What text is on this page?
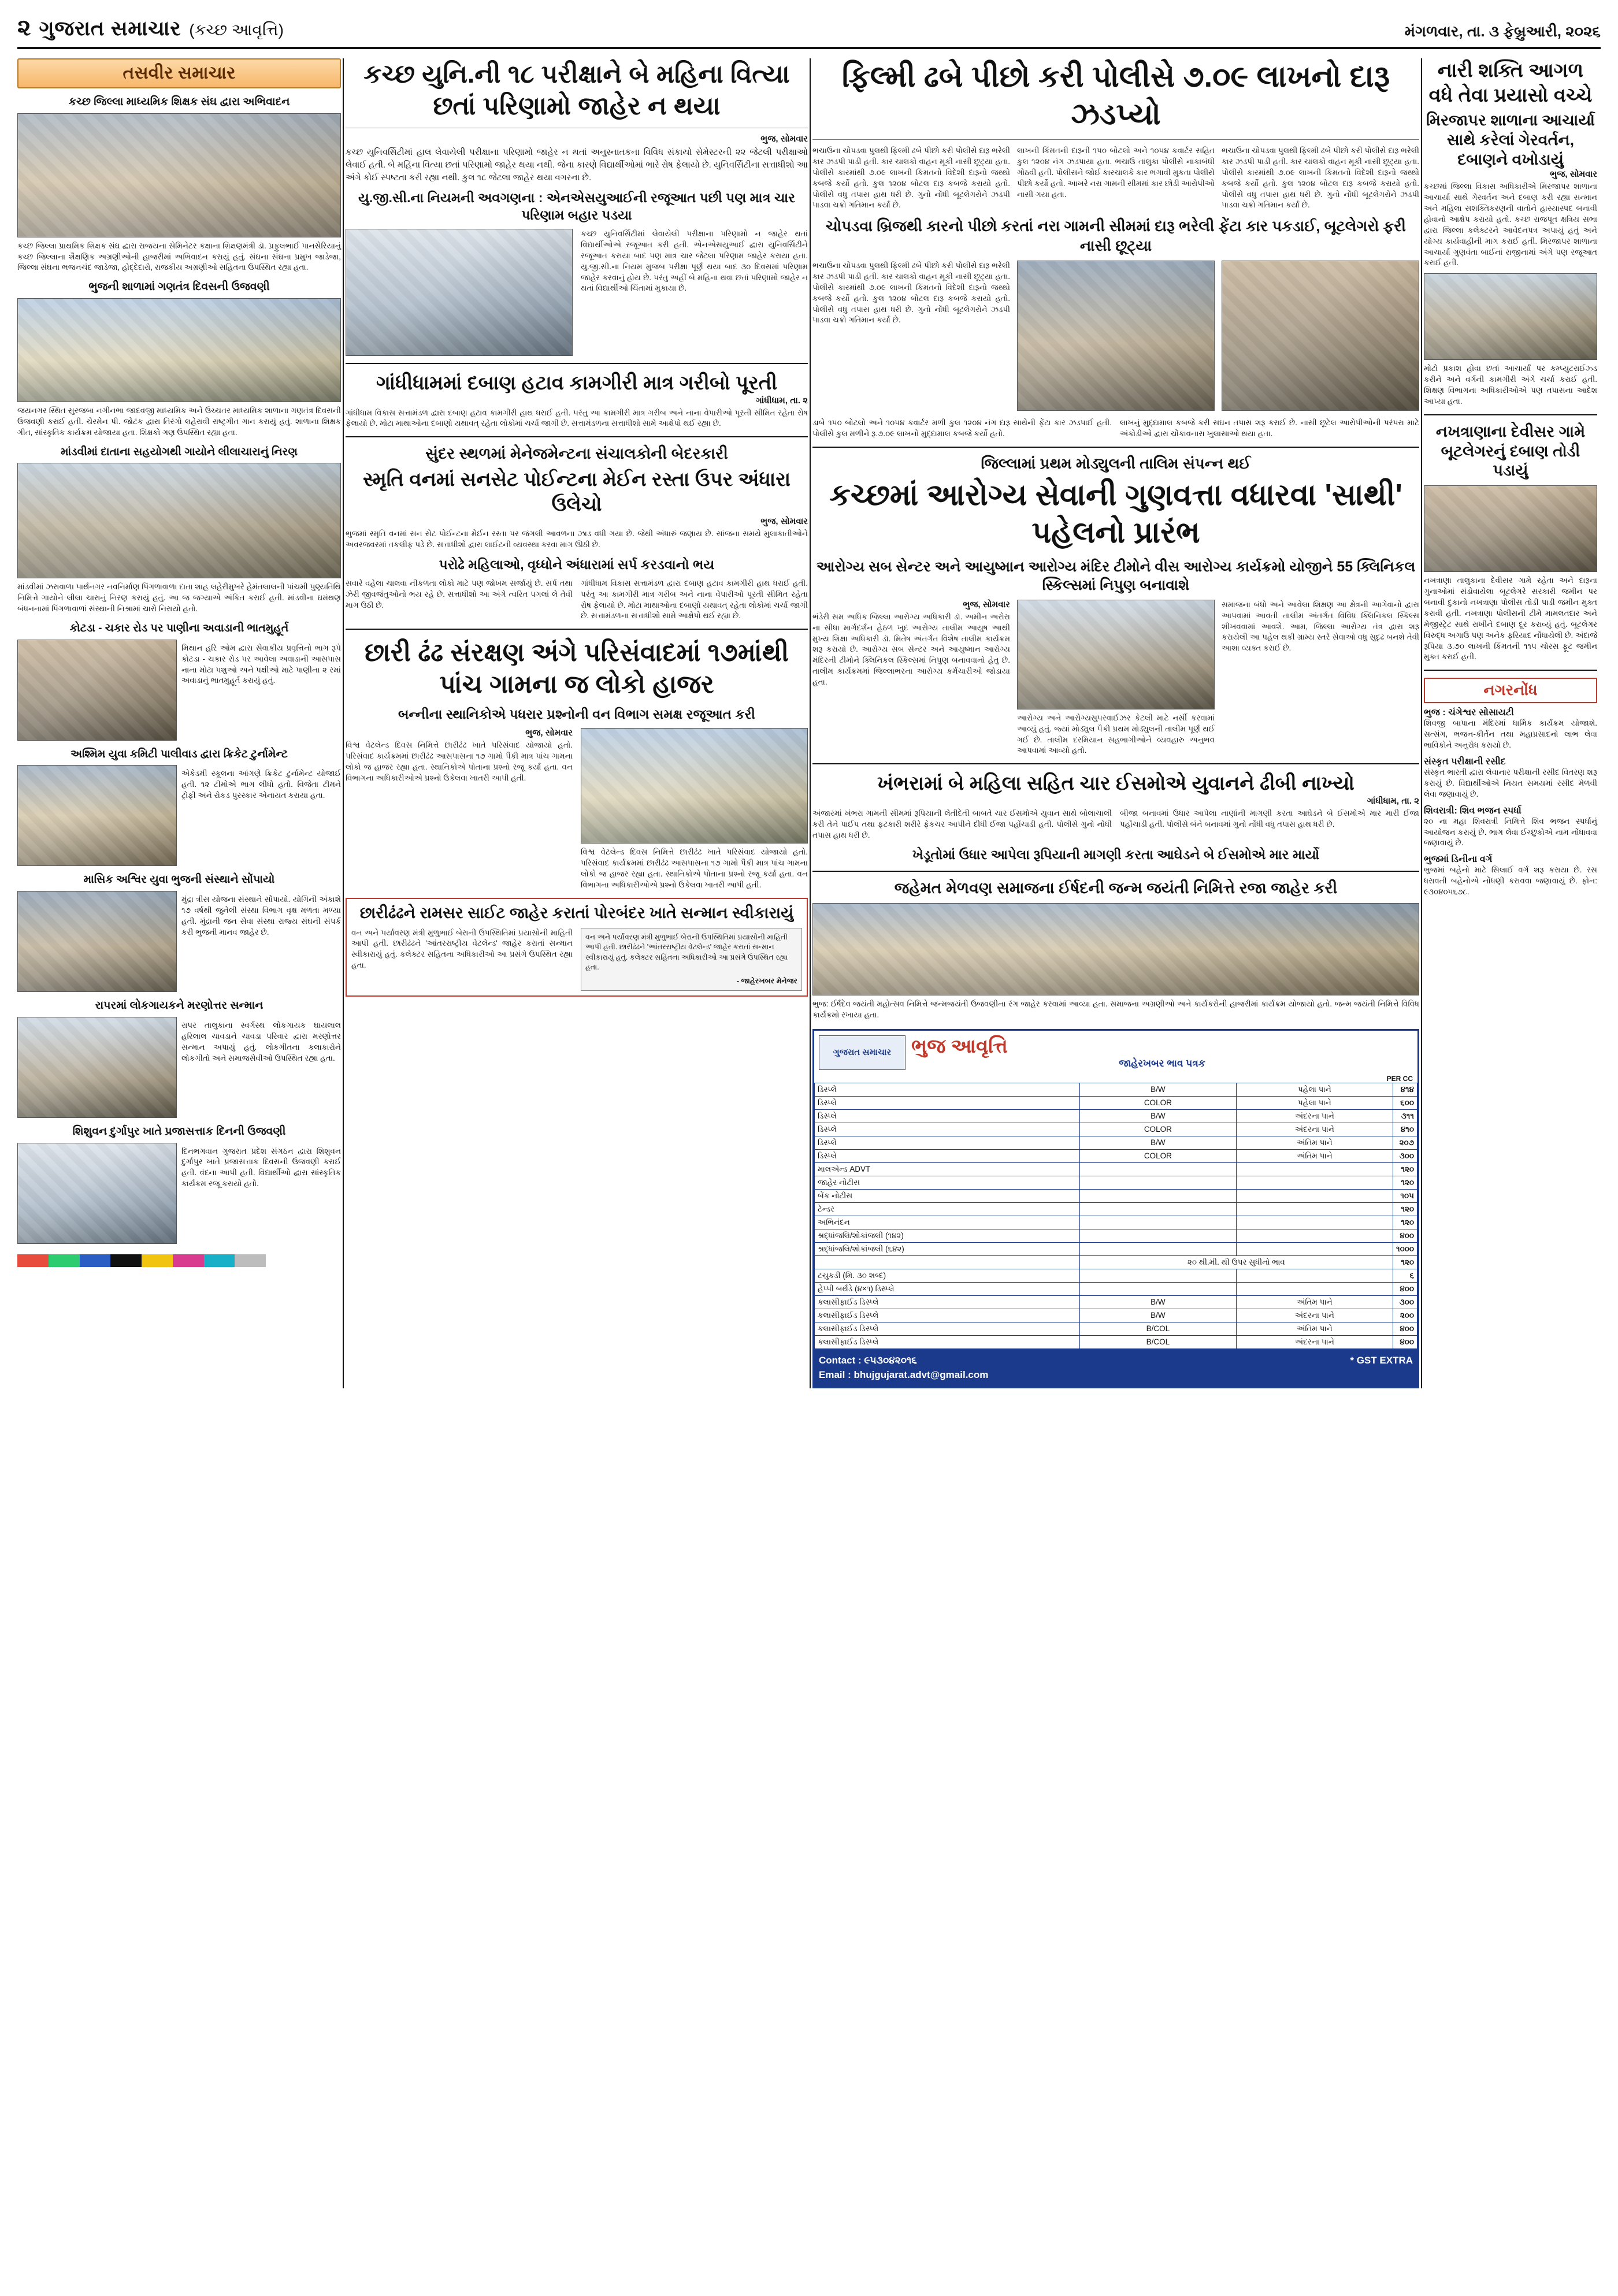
૨ ગુજરાત સમાચાર (કચ્છ આવૃત્તિ)	મંગળવાર, તા. ૩ ફેબ્રુઆરી, ૨૦૨૬
તસવીર સમાચાર
કચ્છ જિલ્લા માધ્યમિક શિક્ષક સંઘ દ્વારા અભિવાદન
કચ્છ જિલ્લા પ્રાથમિક શિક્ષક સંઘ દ્વારા રાજયના સેમિનેટર કક્ષાના શિક્ષણમંત્રી ડૉ. પ્રફુલભાઈ પાનસેરિયાનું કચ્છ જિલ્લાના શૈક્ષણિક અગ્રણીઓની હાજરીમાં અભિવાદન કરાયું હતું. સંઘના સંઘના પ્રમુખ જાડેજા, જિલ્લા સંઘના ભજનચંદ જાડેજા, હોદ્દેદારો, રાજકીય અગ્રણીઓ સહિતના ઉપસ્થિત રહ્યા હતા.
ભુજની શાળામાં ગણતંત્ર દિવસની ઉજવણી
જયનગર સ્થિત સુરજબા નગીનભા જાદવજી માધ્યમિક અને ઉચ્ચતર માધ્યમિક શાળાના ગણતંત્ર દિવસની ઉજવણી કરાઈ હતી. ચેરમેન પી. જોટંક દ્વારા તિરંગો લહેરાવી રાષ્ટ્રગીત ગાન કરાયું હતું. શાળાના શિક્ષક ગીત, સાંસ્કૃતિક કાર્યક્રમ યોજાયા હતા. શિક્ષકો ગણ ઉપસ્થિત રહ્યા હતા.
માંડવીમાં દાતાના સહયોગથી ગાયોને લીલાચારાનું નિરણ
માંડવીમાં ઝરાવાળા પાર્થનગર નવનિર્માણ પિંગળાવાળા દાતા શાહ લહેરીમુખરે હેમંતલાલની પાંચમી પુણ્યતિથિ નિમિત્તે ગાયોને લીલા ચારાનું નિરણ કરાયું હતું. આ જ જગ્યાએ અંકિત કરાઈ હતી. માંડવીના ઘમંથણ બંધનનામાં પિંગળાવાળાં સંસ્થાની નિશ્રામાં ચારો નિરાયો હતો.
કોટડા - ચકાર રોડ પર પાણીના અવાડાની ભાતમુહૂર્ત
મિથાન હરિ ઓમ દ્વારા સેવાકીય પ્રવૃત્તિનો ભાગ રૂપે કોટડા - ચકાર રોડ પર આવેલા અવાડાની આસપાસ નાના મોટા પશુઓ અને પક્ષીઓ માટે પાણીના ૨ રમાં અવાડાનું ભાતમુહૂર્ત કરાયું હતું.
અશ્મિમ યુવા કમિટી પાલીવાડ દ્વારા ક્રિકેટ ટુર્નામેન્ટ
એકેડમી સ્કૂલના આંગણે ક્રિકેટ ટુર્નામેન્ટ યોજાઈ હતી. ૧૨ ટીમોએ ભાગ લીધો હતો. વિજેતા ટીમને ટ્રોફી અને રોકડ પુરસ્કાર એનાયત કરાયા હતા.
માસિક અશ્વિર યુવા ભુજની સંસ્થાને સોંપાયો
મુંદ્રા ત્રીસ યોજના સંસ્થાને સોંપાયો. યોગિની અંકાશે ૧૭ વર્ષથી જુનેલી સંસ્થા વિભાગ વૃક્ષ મળતા મળ્યા હતી. મુંદ્રાની જન સેવા સંસ્થા રાજ્ય સંઘની સંપર્ક કરી ભુજની માનવ જાહેર છે.
રાપરમાં લોકગાયકને મરણોત્તર સન્માન
રાપર તાલુકાના સ્વર્ગસ્થ લોકગાયક ઘાયલાલ હરિલાલ ચાવડાને ચાવડા પરિવાર દ્વારા મરણોત્તર સન્માન અપાયું હતું. લોકગીતના કલાકારોને લોકગીતો અને સમાજસેવીઓ ઉપસ્થિત રહ્યા હતા.
શિશુવન દુર્ગાપુર ખાતે પ્રજાસત્તાક દિનની ઉજવણી
દિનભગવાન ગુજરાત પ્રદેશ સંગઠન દ્વારા શિશુવન દુર્ગાપુર ખાતે પ્રજાસત્તાક દિવસની ઉજવણી કરાઈ હતી. વંદના આપી હતી. વિદ્યાર્થીઓ દ્વારા સાંસ્કૃતિક કાર્યક્રમ રજૂ કરાયો હતો.
કચ્છ યુનિ.ની ૧૮ પરીક્ષાને બે મહિના વિત્યા છતાં પરિણામો જાહેર ન થયા
ભુજ, સોમવાર
કચ્છ યુનિવર્સિટીમાં હાલ લેવાયેલી પરીક્ષાના પરિણામો જાહેર ન થતાં અનુસ્નાતકના વિવિધ સંકાયો સેમેસ્ટરની ૨૨ જેટલી પરીક્ષાઓ લેવાઈ હતી. બે મહિના વિત્યા છતાં પરિણામો જાહેર થયા નથી. જેના કારણે વિદ્યાર્થીઓમાં ભારે રોષ ફેલાયો છે. યુનિવર્સિટીના સત્તાધીશો આ અંગે કોઈ સ્પષ્ટતા કરી રહ્યા નથી. કુલ ૧૮ જેટલા જાહેર થયા વગરના છે.
યુ.જી.સી.ના નિયમની અવગણના : એનએસયુઆઈની રજૂઆત પછી પણ માત્ર ચાર પરિણામ બહાર પડયા
કચ્છ યુનિવર્સિટીમાં લેવાયેલી પરીક્ષાના પરિણામો ન જાહેર થતાં વિદ્યાર્થીઓએ રજૂઆત કરી હતી. એનએસયુઆઈ દ્વારા યુનિવર્સિટીને રજૂઆત કરાયા બાદ પણ માત્ર ચાર જેટલા પરિણામ જાહેર કરાયા હતા. યુ.જી.સી.ના નિયમ મુજબ પરીક્ષા પૂર્ણ થયા બાદ ૩૦ દિવસમાં પરિણામ જાહેર કરવાનું હોય છે. પરંતુ અહીં બે મહિના થવા છતાં પરિણામો જાહેર ન થતાં વિદ્યાર્થીઓ ચિંતામાં મુકાયા છે.
ગાંધીધામમાં દબાણ હટાવ કામગીરી માત્ર ગરીબો પૂરતી
ગાંધીધામ, તા. ૨
ગાંધીધામ વિકાસ સત્તામંડળ દ્વારા દબાણ હટાવ કામગીરી હાથ ધરાઈ હતી. પરંતુ આ કામગીરી માત્ર ગરીબ અને નાના વેપારીઓ પૂરતી સીમિત રહેતા રોષ ફેલાયો છે. મોટા માથાઓના દબાણો યથાવત્ રહેતા લોકોમાં ચર્ચા જાગી છે. સત્તામંડળના સત્તાધીશો સામે આક્ષેપો થઈ રહ્યા છે.
સુંદર સ્થળમાં મેનેજમેન્ટના સંચાલકોની બેદરકારી
સ્મૃતિ વનમાં સનસેટ પોઈન્ટના મેઈન રસ્તા ઉપર અંધારા ઉલેચો
ભુજ, સોમવાર
ભુજમાં સ્મૃતિ વનમાં સન સેટ પોઈન્ટના મેઈન રસ્તા પર જંગલી આવળના ઝાડ વધી ગયા છે. જેથી અંધારું જણાય છે. સાંજના સમયે મુલાકાતીઓને અવરજવરમાં તકલીફ પડે છે. સત્તાધીશો દ્વારા લાઈટની વ્યવસ્થા કરવા માગ ઊઠી છે.
પરોઢે મહિલાઓ, વૃધ્ધોને અંધારામાં સર્પ કરડવાનો ભય
સવારે વહેલા ચાલવા નીકળતા લોકો માટે પણ જોખમ સર્જાયું છે. સર્પ તથા ઝેરી જીવજંતુઓનો ભય રહે છે. સત્તાધીશો આ અંગે ત્વરિત પગલાં લે તેવી માગ ઉઠી છે.
ગાંધીધામ વિકાસ સત્તામંડળ દ્વારા દબાણ હટાવ કામગીરી હાથ ધરાઈ હતી. પરંતુ આ કામગીરી માત્ર ગરીબ અને નાના વેપારીઓ પૂરતી સીમિત રહેતા રોષ ફેલાયો છે. મોટા માથાઓના દબાણો યથાવત્ રહેતા લોકોમાં ચર્ચા જાગી છે. સત્તામંડળના સત્તાધીશો સામે આક્ષેપો થઈ રહ્યા છે.
છારી ઢંઢ સંરક્ષણ અંગે પરિસંવાદમાં ૧૭માંથી પાંચ ગામના જ લોકો હાજર
બન્નીના સ્થાનિકોએ પધરાર પ્રશ્નોની વન વિભાગ સમક્ષ રજૂઆત કરી
ભુજ, સોમવાર
વિશ્વ વેટલેન્ડ દિવસ નિમિત્તે છારીઢંઢ ખાતે પરિસંવાદ યોજાયો હતો. પરિસંવાદ કાર્યક્રમમાં છારીઢંઢ આસપાસના ૧૭ ગામો પૈકી માત્ર પાંચ ગામના લોકો જ હાજર રહ્યા હતા. સ્થાનિકોએ પોતાના પ્રશ્નો રજૂ કર્યા હતા. વન વિભાગના અધિકારીઓએ પ્રશ્નો ઉકેલવા ખાતરી આપી હતી.
વિશ્વ વેટલેન્ડ દિવસ નિમિત્તે છારીઢંઢ ખાતે પરિસંવાદ યોજાયો હતો. પરિસંવાદ કાર્યક્રમમાં છારીઢંઢ આસપાસના ૧૭ ગામો પૈકી માત્ર પાંચ ગામના લોકો જ હાજર રહ્યા હતા. સ્થાનિકોએ પોતાના પ્રશ્નો રજૂ કર્યા હતા. વન વિભાગના અધિકારીઓએ પ્રશ્નો ઉકેલવા ખાતરી આપી હતી.
છારીઢંઢને રામસર સાઈટ જાહેર કરાતાં પોરબંદર ખાતે સન્માન સ્વીકારાયું
વન અને પર્યાવરણ મંત્રી મુળુભાઈ બેરાની ઉપસ્થિતિમાં પ્રયાસોની માહિતી આપી હતી. છારીઢંઢને 'આંતરરાષ્ટ્રીય વેટલેન્ડ' જાહેર કરાતાં સન્માન સ્વીકારાયું હતું. કલેક્ટર સહિતના અધિકારીઓ આ પ્રસંગે ઉપસ્થિત રહ્યા હતા.
વન અને પર્યાવરણ મંત્રી મુળુભાઈ બેરાની ઉપસ્થિતિમાં પ્રયાસોની માહિતી આપી હતી. છારીઢંઢને 'આંતરરાષ્ટ્રીય વેટલેન્ડ' જાહેર કરાતાં સન્માન સ્વીકારાયું હતું. કલેક્ટર સહિતના અધિકારીઓ આ પ્રસંગે ઉપસ્થિત રહ્યા હતા.
- જાહેરખબર મેનેજર
ફિલ્મી ઢબે પીછો કરી પોલીસે ૭.૦૯ લાખનો દારૂ ઝડપ્યો
ભચાઉના ચોપડવા પુલથી ફિલ્મી ઢબે પીછો કરી પોલીસે દારૂ ભરેલી કાર ઝડપી પાડી હતી. કાર ચાલકો વાહન મૂકી નાસી છૂટ્યા હતા. પોલીસે કારમાંથી ૭.૦૯ લાખની કિંમતનો વિદેશી દારૂનો જથ્થો કબજે કર્યો હતો. કુલ ૧૨૦૪ બોટલ દારૂ કબજે કરાયો હતો. પોલીસે વધુ તપાસ હાથ ધરી છે. ગુનો નોંધી બૂટલેગરોને ઝડપી પાડવા ચક્રો ગતિમાન કર્યા છે.
લાખની કિંમતની દારૂની ૧૫૦ બોટલો અને ૧૦૫૪ કવાર્ટર સહિત કુલ ૧૨૦૪ નંગ ઝડપાયા હતા. ભચાઉ તાલુકા પોલીસે નાકાબંધી ગોઠવી હતી. પોલીસને જોઈ કારચાલકે કાર ભગાવી મુકતા પોલીસે પીછો કર્યો હતો. આખરે નરા ગામની સીમમાં કાર છોડી આરોપીઓ નાસી ગયા હતા.
ભચાઉના ચોપડવા પુલથી ફિલ્મી ઢબે પીછો કરી પોલીસે દારૂ ભરેલી કાર ઝડપી પાડી હતી. કાર ચાલકો વાહન મૂકી નાસી છૂટ્યા હતા. પોલીસે કારમાંથી ૭.૦૯ લાખની કિંમતનો વિદેશી દારૂનો જથ્થો કબજે કર્યો હતો. કુલ ૧૨૦૪ બોટલ દારૂ કબજે કરાયો હતો. પોલીસે વધુ તપાસ હાથ ધરી છે. ગુનો નોંધી બૂટલેગરોને ઝડપી પાડવા ચક્રો ગતિમાન કર્યા છે.
ચોપડવા બ્રિજથી કારનો પીછો કરતાં નરા ગામની સીમમાં દારૂ ભરેલી ફેંટા કાર પકડાઈ, બૂટલેગરો ફરી નાસી છૂટ્યા
ભચાઉના ચોપડવા પુલથી ફિલ્મી ઢબે પીછો કરી પોલીસે દારૂ ભરેલી કાર ઝડપી પાડી હતી. કાર ચાલકો વાહન મૂકી નાસી છૂટ્યા હતા. પોલીસે કારમાંથી ૭.૦૯ લાખની કિંમતનો વિદેશી દારૂનો જથ્થો કબજે કર્યો હતો. કુલ ૧૨૦૪ બોટલ દારૂ કબજે કરાયો હતો. પોલીસે વધુ તપાસ હાથ ધરી છે. ગુનો નોંધી બૂટલેગરોને ઝડપી પાડવા ચક્રો ગતિમાન કર્યા છે.
ડાબે ૧૫૦ બોટલો અને ૧૦૫૪ કવાર્ટર મળી કુલ ૧૨૦૪ નંગ દારૂ સાથેની ફેંટા કાર ઝડપાઈ હતી. પોલીસે કુલ મળીને રૂ.૭.૦૯ લાખનો મુદ્દામાલ કબજે કર્યો હતો.
લાખનું મુદ્દામાલ કબજે કરી સઘન તપાસ શરૂ કરાઈ છે. નાસી છૂટેલ આરોપીઓની પરંપરા માટે અંકોડીઓ દ્વારા ચોંકાવનારા ખુલાસાઓ થયા હતા.
જિલ્લામાં પ્રથમ મોડ્યુલની તાલિમ સંપન્ન થઈ
કચ્છમાં આરોગ્ય સેવાની ગુણવત્તા વધારવા 'સાથી' પહેલનો પ્રારંભ
આરોગ્ય સબ સેન્ટર અને આયુષ્માન આરોગ્ય મંદિર ટીમોને વીસ આરોગ્ય કાર્યક્રમો યોજીને 55 ક્લિનિકલ સ્કિલ્સમાં નિપુણ બનાવાશે
ભુજ, સોમવાર
ભંડેરી સમ અધિક જિલ્લા આરોગ્ય અધિકારી ડૉ. અમીન અરોરા ના સીધા માર્ગદર્શન હેઠળ ખુદ આરોગ્ય તાલીમ આયુષ આથી મુખ્ય શિક્ષા અધિકારી ડૉ. મિતેષ અંતર્ગત વિશેષ તાલીમ કાર્યક્રમ શરૂ કરાયો છે. આરોગ્ય સબ સેન્ટર અને આયુષ્માન આરોગ્ય મંદિરની ટીમોને ક્લિનિકલ સ્કિલ્સમાં નિપુણ બનાવવાનો હેતુ છે. તાલીમ કાર્યક્રમમાં જિલ્લાભરના આરોગ્ય કર્મચારીઓ જોડાયા હતા.
આરોગ્ય અને આરોગ્યસુપરવાઈઝર કેટલી માટે નર્સી કરવામાં આવ્યું હતું. જ્યાં મોડ્યુલ પૈકી પ્રથમ મોડ્યુલની તાલીમ પૂર્ણ થઈ ગઈ છે. તાલીમ દરમિયાન સહભાગીઓને વ્યવહારુ અનુભવ આપવામાં આવ્યો હતો.
સમાજના બંધો અને આવેલા શિક્ષણ આ ક્ષેત્રની આગેવાનો દ્વારા આપવામાં આવતી તાલીમ અંતર્ગત વિવિધ ક્લિનિકલ સ્કિલ્સ શીખવવામાં આવશે. આમ, જિલ્લા આરોગ્ય તંત્ર દ્વારા શરૂ કરાયેલી આ પહેલ થકી ગ્રામ્ય સ્તરે સેવાઓ વધુ સુદૃઢ બનશે તેવી આશા વ્યક્ત કરાઈ છે.
ખંભરામાં બે મહિલા સહિત ચાર ઈસમોએ યુવાનને ઢીબી નાખ્યો
ગાંધીધામ, તા. ૨
અંજારમાં ખંભરા ગામની સીમમાં રૂપિયાની લેતીદેતી બાબતે ચાર ઈસમોએ યુવાન સાથે બોલાચાલી કરી તેને પાઈપ તથા ફટકારી શરીરે ફેકચર આપીને દીધી ઈજા પહોંચાડી હતી. પોલીસે ગુનો નોંધી તપાસ હાથ ધરી છે.
બીજા બનાવમાં ઉધાર આપેલા નાણાંની માગણી કરતા આઘેડને બે ઈસમોએ માર મારી ઈજા પહોંચાડી હતી. પોલીસે બંને બનાવમાં ગુનો નોંધી વધુ તપાસ હાથ ધરી છે.
ખેડૂતોમાં ઉધાર આપેલા રૂપિયાની માગણી કરતા આઘેડને બે ઈસમોએ માર માર્યો
જહેમત મેળવણ સમાજના ઈર્ષદની જન્મ જયંતી નિમિત્તે રજા જાહેર કરી
ભુજ: ઈર્ષદેવ જયંતી મહોત્સવ નિમિત્તે જન્મજયંતી ઉજવણીના રંગ જાહેર કરવામાં આવ્યા હતા. સમાજના અગ્રણીઓ અને કાર્યકરોની હાજરીમાં કાર્યક્રમ યોજાયો હતો. જન્મ જયંતી નિમિત્તે વિવિધ કાર્યક્રમો રખાયા હતા.
ગુજરાત સમાચાર	ભુજ આવૃત્તિ
જાહેરખબર ભાવ પત્રક
PER CC
ડિસ્પ્લે	B/W	પહેલા પાને	૪૧૪
ડિસ્પ્લે	COLOR	પહેલા પાને	૬૦૦
ડિસ્પ્લે	B/W	અંદરના પાને	૩૧૧
ડિસ્પ્લે	COLOR	અંદરના પાને	૪૧૦
ડિસ્પ્લે	B/W	અંતિમ પાને	૨૦૭
ડિસ્પ્લે	COLOR	અંતિમ પાને	૩૦૦
માલએન્ડ ADVT			૧૨૦
જાહેર નોટીસ			૧૨૦
બેંક નોટીસ			૧૦૫
ટેન્ડર			૧૨૦
અભિનંદન			૧૨૦
શ્રદ્ધાંજલિ/શોકાંજલી (૧૪૨)			૪૦૦
શ્રદ્ધાંજલિ/શોકાંજલી (૬૪૨)			૧૦૦૦
	૨૦ થી.મી. થી ઉપર સુધીનો ભાવ		૧૨૦
ટચુકડી (મિ. ૩૦ શબ્દ)			૬
હેપ્પી બર્થડે (૪×૧) ડિસ્પ્લે			૪૦૦
કલાસીફાઈડ ડિસ્પ્લે	B/W	અંતિમ પાને	૩૦૦
કલાસીફાઈડ ડિસ્પ્લે	B/W	અંદરના પાને	૨૦૦
કલાસીફાઈડ ડિસ્પ્લે	B/COL	અંતિમ પાને	૪૦૦
કલાસીફાઈડ ડિસ્પ્લે	B/COL	અંદરના પાને	૪૦૦
Contact : ૯૫૩૦૪૨૦૧૬	* GST EXTRA
Email : bhujgujarat.advt@gmail.com
નારી શક્તિ આગળ વધે તેવા પ્રયાસો વચ્ચે
મિરજાપર શાળાના આચાર્યા સાથે કરેલાં ગેરવર્તન, દબાણને વખોડાયું
ભુજ, સોમવાર
કચ્છમાં જિલ્લા વિકાસ અધિકારીએ મિરજાપર શાળાના આચાર્યા સાથે ગેરવર્તન અને દબાણ કરી રહ્યા સન્માન અને મહિલા સશક્તિકરણની વાતોને હાસ્યાસ્પદ બનાવી હોવાનો આક્ષેપ કરાયો હતો. કચ્છ રાજપૂત ક્ષત્રિય સભા દ્વારા જિલ્લા કલેક્ટરને આવેદનપત્ર અપાયું હતું અને યોગ્ય કાર્યવાહીની માગ કરાઈ હતી. મિરજાપર શાળાના આચાર્યા ગુણવંતા બાઈનાં રાજીનામાં અંગે પણ રજૂઆત કરાઈ હતી.
મોટો પ્રકાશ હોવા છતાં આચાર્યાં પર કમ્પ્યુટરાઈઝ્ડ કરીને અને વર્ગની કામગીરી અંગે ચર્ચા કરાઈ હતી. શિક્ષણ વિભાગના અધિકારીઓએ પણ તપાસના આદેશ આપ્યા હતા.
નખત્રાણાના દેવીસર ગામે બૂટલેગરનું દબાણ તોડી પડાયું
નખત્રાણા તાલુકાના દેવીસર ગામે રહેતા અને દારૂના ગુનાઓમાં સંડોવાયેલા બૂટલેગરે સરકારી જમીન પર બનાવી દુકાનો નખત્રાણા પોલીસ તોડી પાડી જમીન મુક્ત કરાવી હતી. નખત્રાણા પોલીસની ટીમે મામલતદાર અને મેજીસ્ટ્રેટ સાથે રાખીને દબાણ દૂર કરાવ્યું હતું. બૂટલેગર વિરુદ્ધ અગાઉ પણ અનેક ફરિયાદ નોંધાયેલી છે. અંદાજે રૂપિયા ૩.૭૦ લાખની કિંમતની ૧૧૫ ચોરસ ફૂટ જમીન મુક્ત કરાઈ હતી.
નગરનોંધ
ભુજ : ચંગેશ્વર સોસાયટી
શિવજી બાપાના મંદિરમાં ધાર્મિક કાર્યક્રમ યોજાશે. સત્સંગ, ભજન-કીર્તન તથા મહાપ્રસાદનો લાભ લેવા ભાવિકોને અનુરોધ કરાયો છે.
સંસ્કૃત પરીક્ષાની રસીદ
સંસ્કૃત ભારતી દ્વારા લેવાનાર પરીક્ષાની રસીદ વિતરણ શરૂ કરાયું છે. વિદ્યાર્થીઓએ નિયત સમયમાં રસીદ મેળવી લેવા જણાવાયું છે.
શિવરાત્રી: શિવ ભજન સ્પર્ધા
૨૦ ના મહા શિવરાત્રી નિમિત્તે શિવ ભજન સ્પર્ધાનું આયોજન કરાયું છે. ભાગ લેવા ઈચ્છુકોએ નામ નોંધાવવા જણાવાયું છે.
ભુજમાં ડિનીના વર્ગ
ભુજમાં બહેનો માટે સિલાઈ વર્ગ શરૂ કરાયા છે. રસ ધરાવતી બહેનોએ નોંધણી કરાવવા જણાવાયું છે. ફોન: ૯૩૦૪૦૫૬૭૮.
